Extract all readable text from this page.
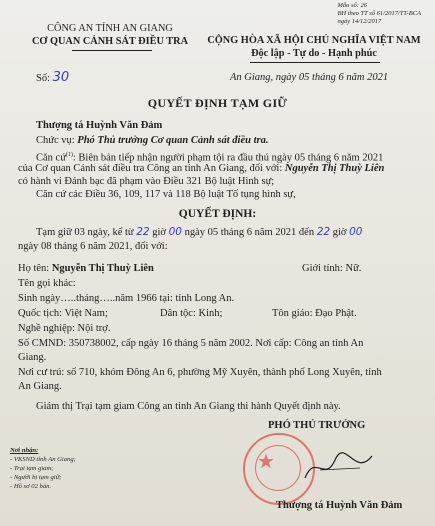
Mẫu số: 26
BH theo TT số 61/2017/TT-BCA
ngày 14/12/2017
CÔNG AN TỈNH AN GIANG
CƠ QUAN CẢNH SÁT ĐIỀU TRA	CỘNG HÒA XÃ HỘI CHỦ NGHĨA VIỆT NAM
Độc lập - Tự do - Hạnh phúc
Số: 30	An Giang, ngày 05 tháng 6 năm 2021
QUYẾT ĐỊNH TẠM GIỮ
Thượng tá Huỳnh Văn Đảm
Chức vụ: Phó Thủ trưởng Cơ quan Cảnh sát điều tra.
Căn cứ$^{(1)}$: Biên bản tiếp nhận người phạm tội ra đầu thú ngày 05 tháng 6 năm 2021
của Cơ quan Cảnh sát điều tra Công an tỉnh An Giang, đối với: Nguyễn Thị Thuỳ Liên
có hành vi Đánh bạc đã phạm vào Điều 321 Bộ luật Hình sự;
Căn cứ các Điều 36, 109, 117 và 118 Bộ luật Tố tụng hình sự,
QUYẾT ĐỊNH:
Tạm giữ 03 ngày, kể từ 22 giờ 00 ngày 05 tháng 6 năm 2021 đến 22 giờ 00
ngày 08 tháng 6 năm 2021, đối với:
Họ tên: Nguyễn Thị Thuỳ Liên	Giới tính: Nữ.
Tên gọi khác:
Sinh ngày…..tháng…..năm 1966 tại: tỉnh Long An.
Quốc tịch: Việt Nam;	Dân tộc: Kinh;	Tôn giáo: Đạo Phật.
Nghề nghiệp: Nội trợ.
Số CMND: 350738002, cấp ngày 16 tháng 5 năm 2002. Nơi cấp: Công an tỉnh An
Giang.
Nơi cư trú: số 710, khóm Đông An 6, phường Mỹ Xuyên, thành phố Long Xuyên, tỉnh
An Giang.
Giám thị Trại tạm giam Công an tỉnh An Giang thi hành Quyết định này.
PHÓ THỦ TRƯỞNG
Nơi nhận:
- VKSND tỉnh An Giang;
- Trại tạm giam;
- Người bị tạm giữ;
- Hồ sơ 02 bản.
★
Thượng tá Huỳnh Văn Đảm
